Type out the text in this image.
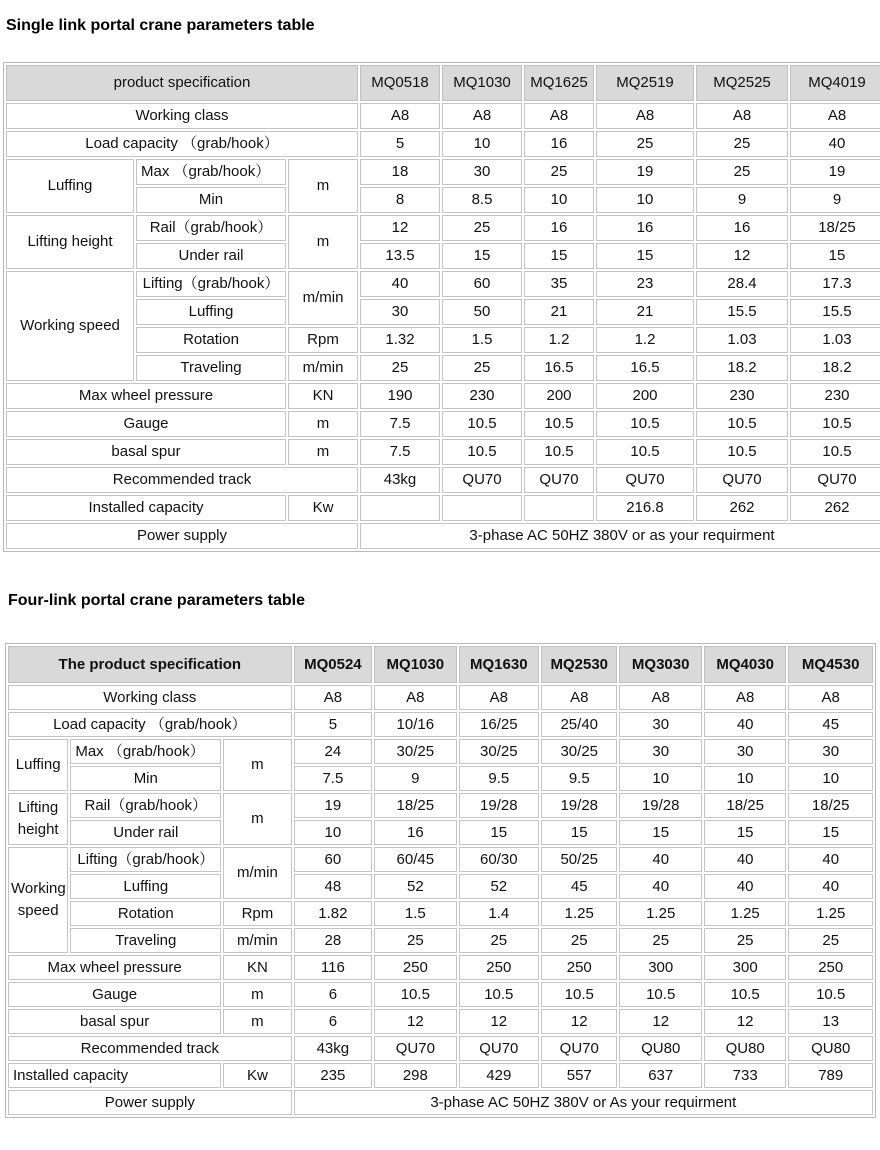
Single link portal crane parameters table
product specification			MQ0518	MQ1030	MQ1625	MQ2519	MQ2525	MQ4019
Working class			A8	A8	A8	A8	A8	A8
Load capacity （grab/hook）			5	10	16	25	25	40
Luffing	Max （grab/hook）	m	18	30	25	19	25	19
	Min		8	8.5	10	10	9	9
Lifting height	Rail（grab/hook）	m	12	25	16	16	16	18/25
	Under rail		13.5	15	15	15	12	15
Working speed	Lifting（grab/hook）	m/min	40	60	35	23	28.4	17.3
	Luffing		30	50	21	21	15.5	15.5
	Rotation	Rpm	1.32	1.5	1.2	1.2	1.03	1.03
	Traveling	m/min	25	25	16.5	16.5	18.2	18.2
Max wheel pressure		KN	190	230	200	200	230	230
Gauge		m	7.5	10.5	10.5	10.5	10.5	10.5
basal spur		m	7.5	10.5	10.5	10.5	10.5	10.5
Recommended track			43kg	QU70	QU70	QU70	QU70	QU70
Installed capacity		Kw				216.8	262	262
Power supply			3-phase AC 50HZ 380V or as your requirment					
Four-link portal crane parameters table
The product specification			MQ0524	MQ1030	MQ1630	MQ2530	MQ3030	MQ4030	MQ4530
Working class			A8	A8	A8	A8	A8	A8	A8
Load capacity （grab/hook）			5	10/16	16/25	25/40	30	40	45
Luffing	Max （grab/hook）	m	24	30/25	30/25	30/25	30	30	30
	Min		7.5	9	9.5	9.5	10	10	10
Lifting height	Rail（grab/hook）	m	19	18/25	19/28	19/28	19/28	18/25	18/25
	Under rail		10	16	15	15	15	15	15
Working speed	Lifting（grab/hook）	m/min	60	60/45	60/30	50/25	40	40	40
	Luffing		48	52	52	45	40	40	40
	Rotation	Rpm	1.82	1.5	1.4	1.25	1.25	1.25	1.25
	Traveling	m/min	28	25	25	25	25	25	25
Max wheel pressure		KN	116	250	250	250	300	300	250
Gauge		m	6	10.5	10.5	10.5	10.5	10.5	10.5
basal spur		m	6	12	12	12	12	12	13
Recommended track			43kg	QU70	QU70	QU70	QU80	QU80	QU80
Installed capacity		Kw	235	298	429	557	637	733	789
Power supply			3-phase AC 50HZ 380V or As your requirment						
